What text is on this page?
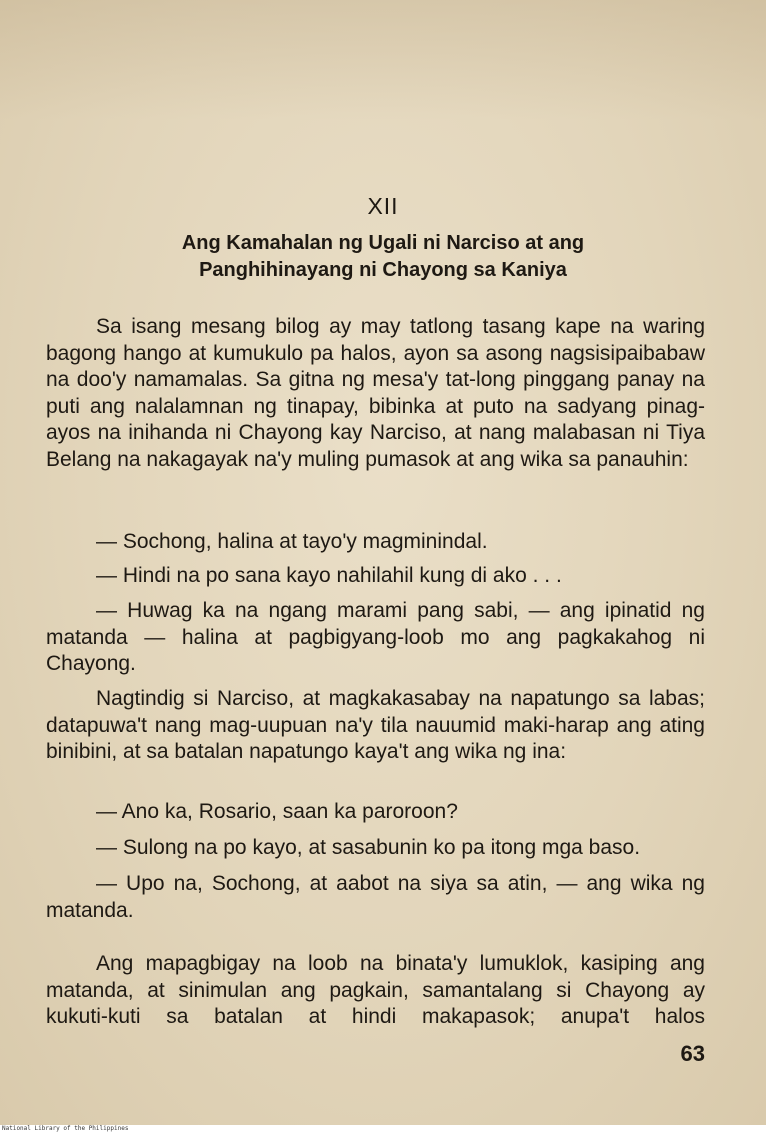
XII
Ang Kamahalan ng Ugali ni Narciso at ang
Panghihinayang ni Chayong sa Kaniya

Sa isang mesang bilog ay may tatlong tasang kape na waring bagong hango at kumukulo pa halos, ayon sa asong nagsisipaibabaw na doo'y namamalas. Sa gitna ng mesa'y tat-long pinggang panay na puti ang nalalamnan ng tinapay, bibinka at puto na sadyang pinag-ayos na inihanda ni Chayong kay Narciso, at nang malabasan ni Tiya Belang na nakagayak na'y muling pumasok at ang wika sa panauhin:

— Sochong, halina at tayo'y magminindal.

— Hindi na po sana kayo nahilahil kung di ako . . .

— Huwag ka na ngang marami pang sabi, — ang ipinatid ng matanda — halina at pagbigyang-loob mo ang pagkakahog ni Chayong.

Nagtindig si Narciso, at magkakasabay na napatungo sa labas; datapuwa't nang mag-uupuan na'y tila nauumid maki-harap ang ating binibini, at sa batalan napatungo kaya't ang wika ng ina:

— Ano ka, Rosario, saan ka paroroon?

— Sulong na po kayo, at sasabunin ko pa itong mga baso.

— Upo na, Sochong, at aabot na siya sa atin, — ang wika ng matanda.

Ang mapagbigay na loob na binata'y lumuklok, kasiping ang matanda, at sinimulan ang pagkain, samantalang si Chayong ay kukuti-kuti sa batalan at hindi makapasok; anupa't halos

63
National Library of the Philippines
